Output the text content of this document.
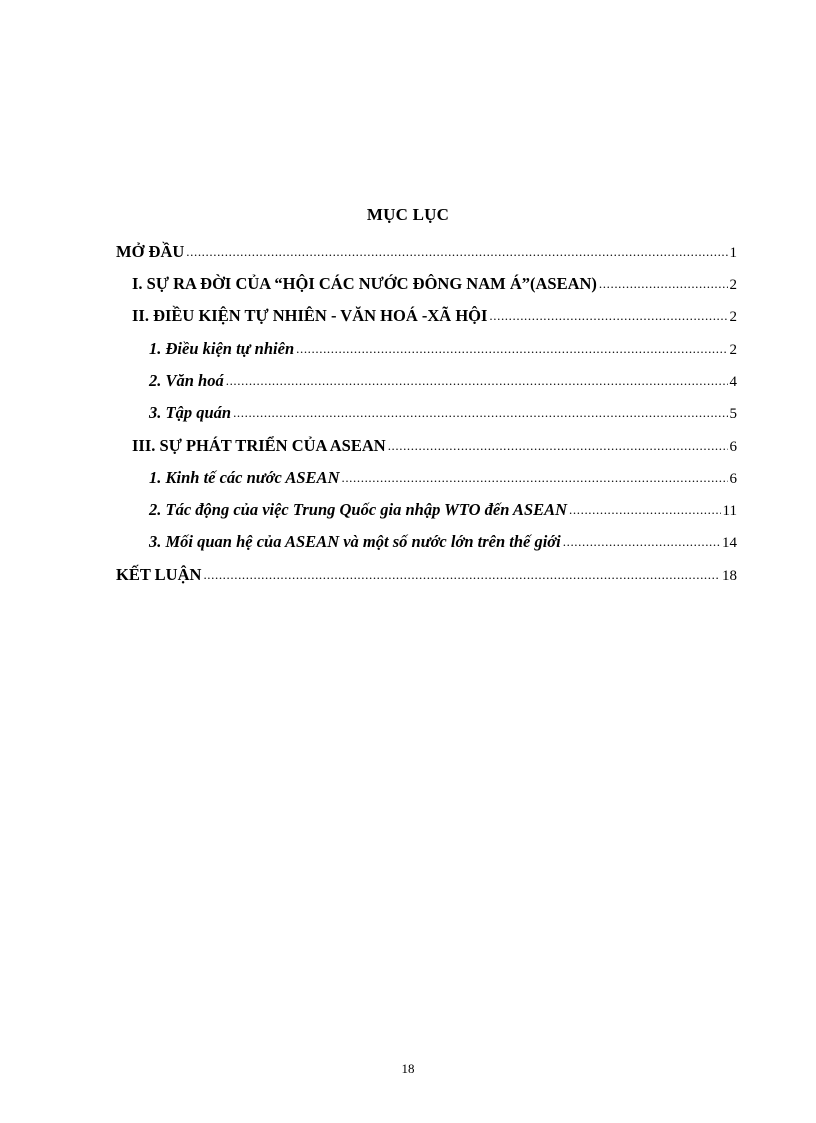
MỤC LỤC
MỞ ĐẦU .....	1
I. SỰ RA ĐỜI CỦA “HỘI CÁC NƯỚC ĐÔNG NAM Á”(ASEAN) .....	2
II. ĐIỀU KIỆN TỰ NHIÊN - VĂN HOÁ -XÃ HỘI .....	2
1. Điều kiện tự nhiên .....	2
2. Văn hoá .....	4
3. Tập quán .....	5
III. SỰ PHÁT TRIỂN CỦA ASEAN .....	6
1. Kinh tế các nước ASEAN .....	6
2. Tác động của việc Trung Quốc gia nhập WTO đến ASEAN .....	11
3. Mối quan hệ của ASEAN và một số nước lớn trên thế giới .....	14
KẾT LUẬN .....	18
18
